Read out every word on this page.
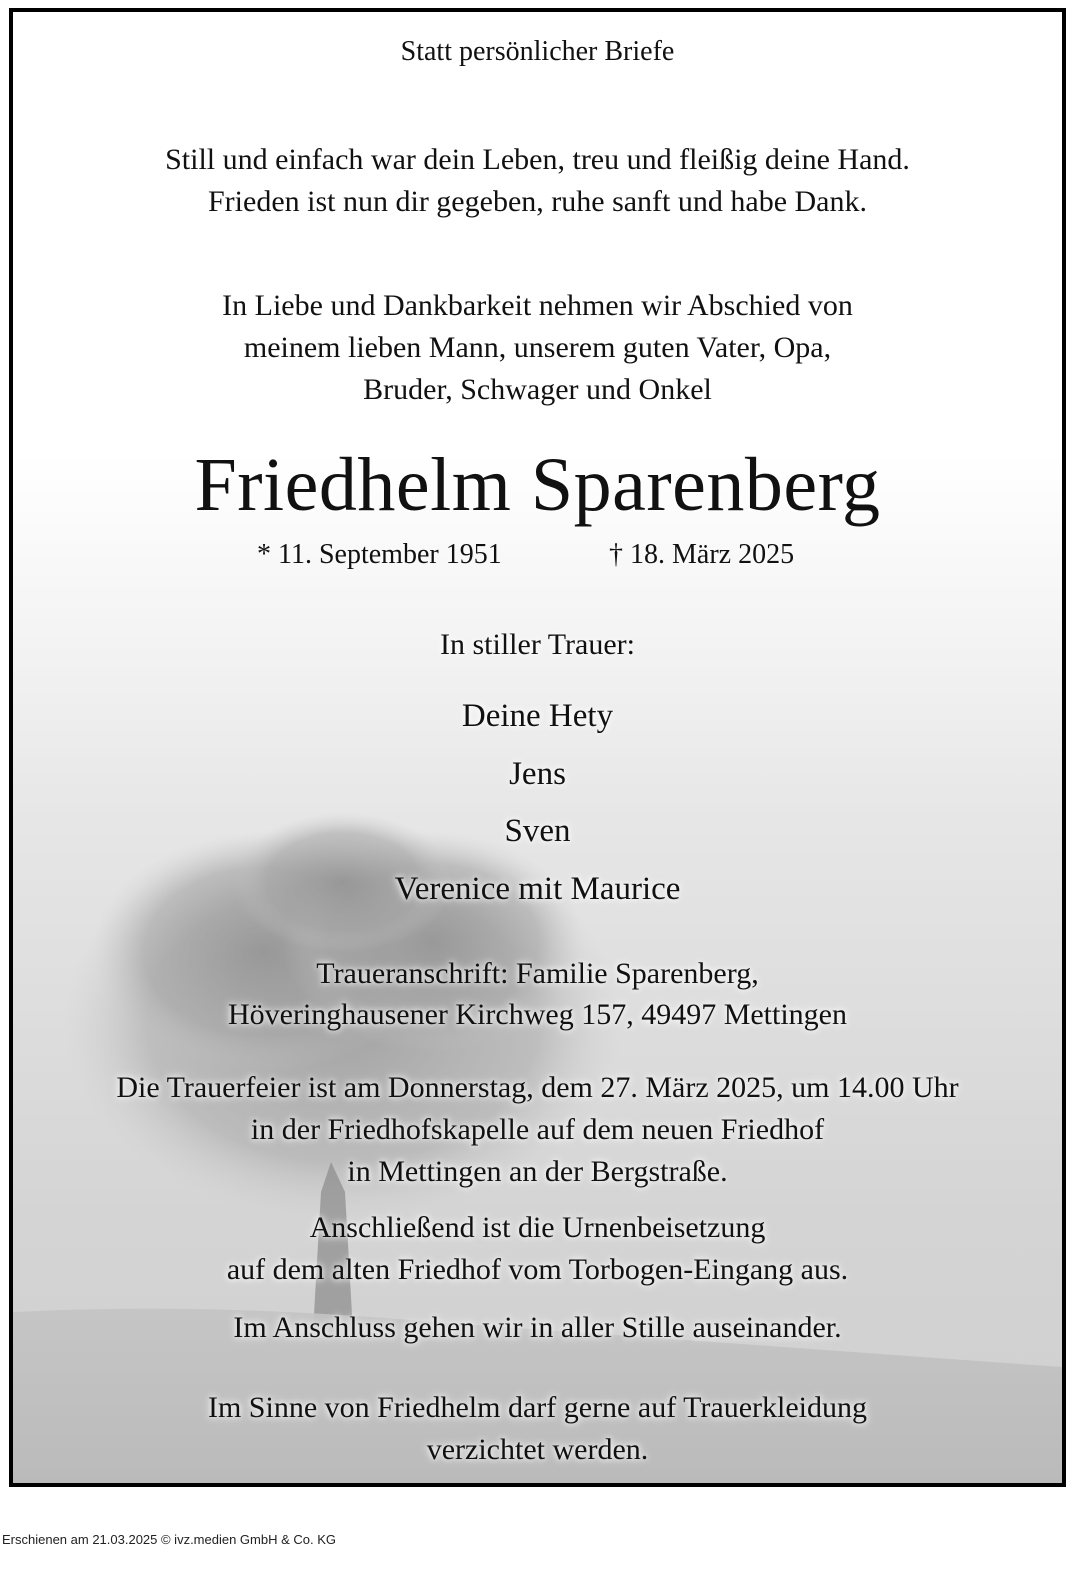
Statt persönlicher Briefe
Still und einfach war dein Leben, treu und fleißig deine Hand.
Frieden ist nun dir gegeben, ruhe sanft und habe Dank.
In Liebe und Dankbarkeit nehmen wir Abschied von
meinem lieben Mann, unserem guten Vater, Opa,
Bruder, Schwager und Onkel
Friedhelm Sparenberg
* 11. September 1951	† 18. März 2025
In stiller Trauer:
Deine Hety
Jens
Sven
Verenice mit Maurice
Traueranschrift: Familie Sparenberg,
Höveringhausener Kirchweg 157, 49497 Mettingen
Die Trauerfeier ist am Donnerstag, dem 27. März 2025, um 14.00 Uhr
in der Friedhofskapelle auf dem neuen Friedhof
in Mettingen an der Bergstraße.
Anschließend ist die Urnenbeisetzung
auf dem alten Friedhof vom Torbogen-Eingang aus.
Im Anschluss gehen wir in aller Stille auseinander.
Im Sinne von Friedhelm darf gerne auf Trauerkleidung
verzichtet werden.
Erschienen am 21.03.2025 © ivz.medien GmbH & Co. KG
